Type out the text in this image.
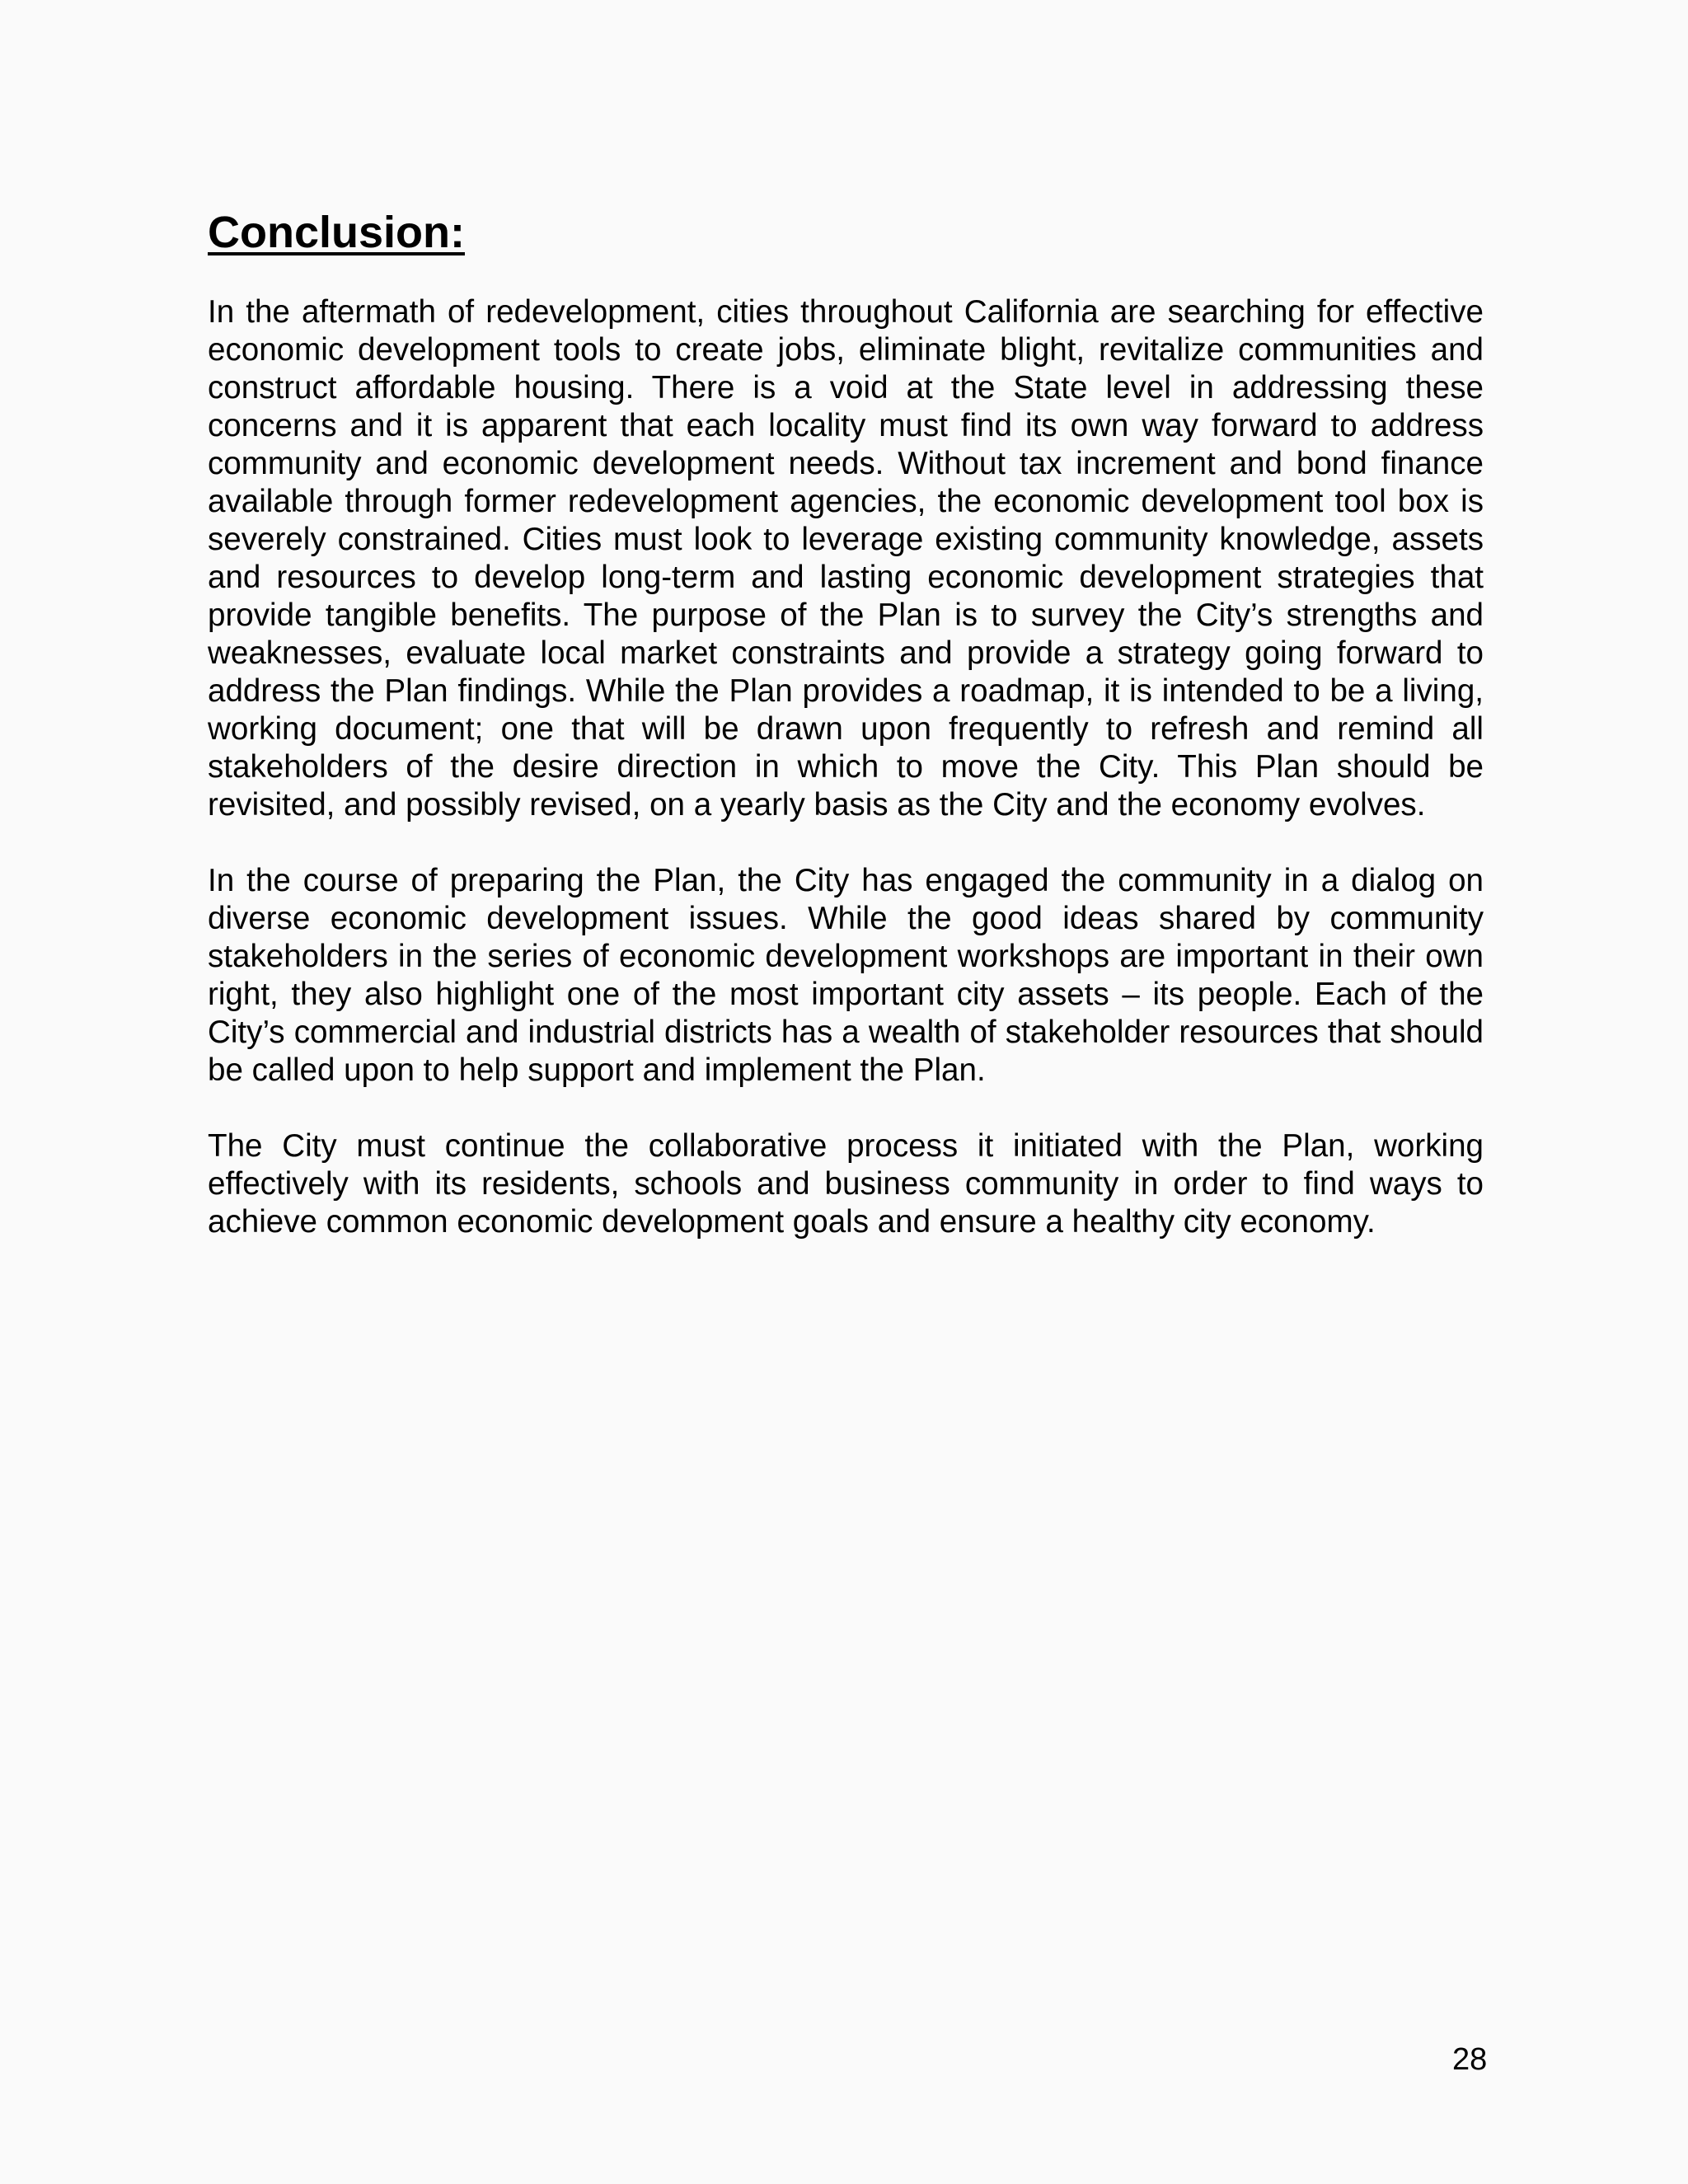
Conclusion:

In the aftermath of redevelopment, cities throughout California are searching for effective economic development tools to create jobs, eliminate blight, revitalize communities and construct affordable housing. There is a void at the State level in addressing these concerns and it is apparent that each locality must find its own way forward to address community and economic development needs. Without tax increment and bond finance available through former redevelopment agencies, the economic development tool box is severely constrained. Cities must look to leverage existing community knowledge, assets and resources to develop long-term and lasting economic development strategies that provide tangible benefits. The purpose of the Plan is to survey the City’s strengths and weaknesses, evaluate local market constraints and provide a strategy going forward to address the Plan findings. While the Plan provides a roadmap, it is intended to be a living, working document; one that will be drawn upon frequently to refresh and remind all stakeholders of the desire direction in which to move the City. This Plan should be revisited, and possibly revised, on a yearly basis as the City and the economy evolves.

In the course of preparing the Plan, the City has engaged the community in a dialog on diverse economic development issues. While the good ideas shared by community stakeholders in the series of economic development workshops are important in their own right, they also highlight one of the most important city assets – its people. Each of the City’s commercial and industrial districts has a wealth of stakeholder resources that should be called upon to help support and implement the Plan.

The City must continue the collaborative process it initiated with the Plan, working effectively with its residents, schools and business community in order to find ways to achieve common economic development goals and ensure a healthy city economy.

28
